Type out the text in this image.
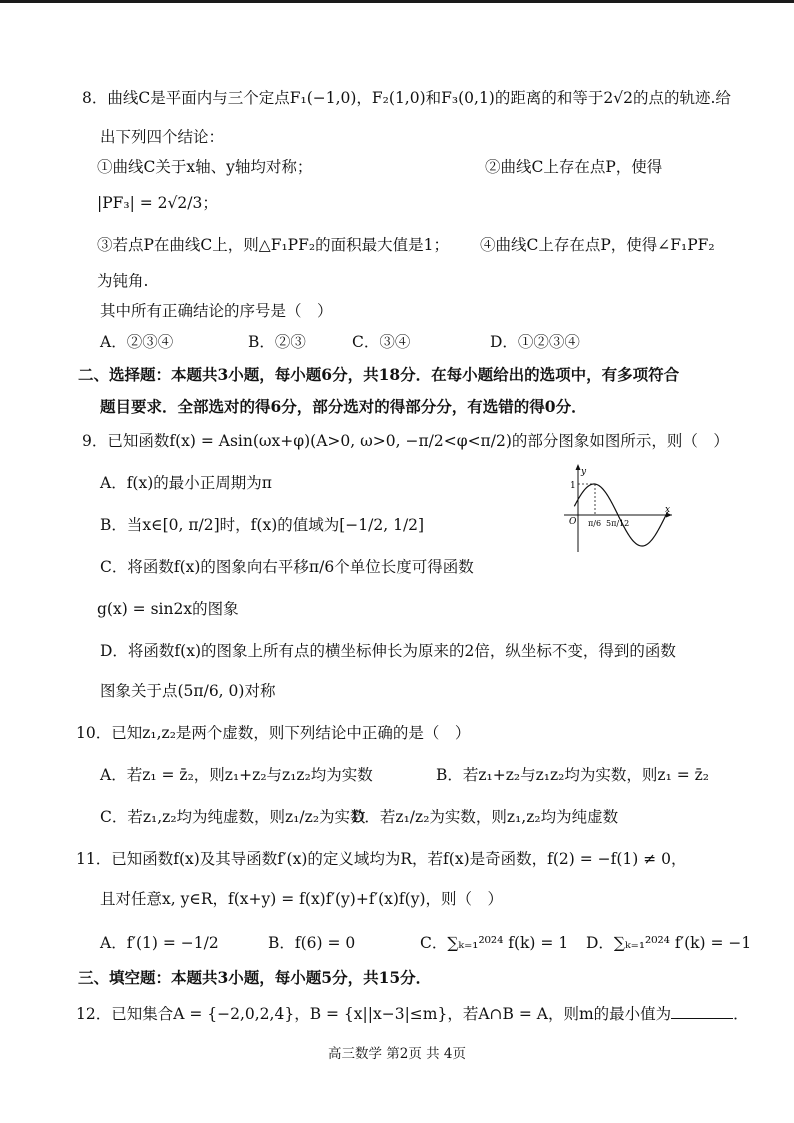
8．曲线C是平面内与三个定点F₁(−1,0)，F₂(1,0)和F₃(0,1)的距离的和等于2√2的点的轨迹.给
出下列四个结论：
①曲线C关于x轴、y轴均对称；	②曲线C上存在点P，使得
|PF₃| = 2√2/3；
③若点P在曲线C上，则△F₁PF₂的面积最大值是1； ④曲线C上存在点P，使得∠F₁PF₂
为钝角.
其中所有正确结论的序号是（　）
A．②③④	B．②③	C．③④	D．①②③④
二、选择题：本题共3小题，每小题6分，共18分．在每小题给出的选项中，有多项符合
题目要求．全部选对的得6分，部分选对的得部分分，有选错的得0分．
9．已知函数f(x) = Asin(ωx+φ)(A>0, ω>0, −π/2<φ<π/2)的部分图象如图所示，则（　）
A．f(x)的最小正周期为π
B．当x∈[0, π/2]时，f(x)的值域为[−1/2, 1/2]
C．将函数f(x)的图象向右平移π/6个单位长度可得函数
g(x) = sin2x的图象
D．将函数f(x)的图象上所有点的横坐标伸长为原来的2倍，纵坐标不变，得到的函数
图象关于点(5π/6, 0)对称
y
x
O
1
π/6 5π/12
10．已知z₁,z₂是两个虚数，则下列结论中正确的是（　）
A．若z₁ = z̄₂，则z₁+z₂与z₁z₂均为实数	B．若z₁+z₂与z₁z₂均为实数，则z₁ = z̄₂
C．若z₁,z₂均为纯虚数，则z₁/z₂为实数
D．若z₁/z₂为实数，则z₁,z₂均为纯虚数
11．已知函数f(x)及其导函数f′(x)的定义域均为R，若f(x)是奇函数，f(2) = −f(1) ≠ 0，
且对任意x, y∈R，f(x+y) = f(x)f′(y)+f′(x)f(y)，则（　）
A．f′(1) = −1/2	B．f(6) = 0	C．∑ₖ₌₁²⁰²⁴ f(k) = 1 D．∑ₖ₌₁²⁰²⁴ f′(k) = −1
三、填空题：本题共3小题，每小题5分，共15分．
12．已知集合A = {−2,0,2,4}，B = {x||x−3|≤m}，若A∩B = A，则m的最小值为	．
高三数学 第2页 共 4页
